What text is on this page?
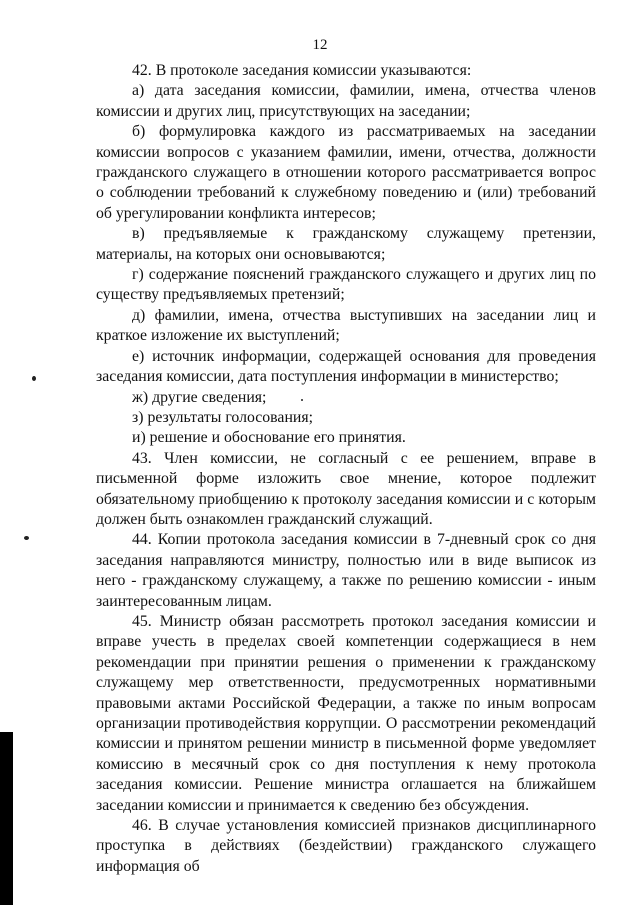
12

42. В протоколе заседания комиссии указываются:

а) дата заседания комиссии, фамилии, имена, отчества членов комиссии и других лиц, присутствующих на заседании;

б) формулировка каждого из рассматриваемых на заседании комиссии вопросов с указанием фамилии, имени, отчества, должности гражданского служащего в отношении которого рассматривается вопрос о соблюдении требований к служебному поведению и (или) требований об урегулировании конфликта интересов;

в) предъявляемые к гражданскому служащему претензии, материалы, на которых они основываются;

г) содержание пояснений гражданского служащего и других лиц по существу предъявляемых претензий;

д) фамилии, имена, отчества выступивших на заседании лиц и краткое изложение их выступлений;

е) источник информации, содержащей основания для проведения заседания комиссии, дата поступления информации в министерство;

ж) другие сведения;

з) результаты голосования;

и) решение и обоснование его принятия.

43. Член комиссии, не согласный с ее решением, вправе в письменной форме изложить свое мнение, которое подлежит обязательному приобщению к протоколу заседания комиссии и с которым должен быть ознакомлен гражданский служащий.

44. Копии протокола заседания комиссии в 7-дневный срок со дня заседания направляются министру, полностью или в виде выписок из него - гражданскому служащему, а также по решению комиссии - иным заинтересованным лицам.

45. Министр обязан рассмотреть протокол заседания комиссии и вправе учесть в пределах своей компетенции содержащиеся в нем рекомендации при принятии решения о применении к гражданскому служащему мер ответственности, предусмотренных нормативными правовыми актами Российской Федерации, а также по иным вопросам организации противодействия коррупции. О рассмотрении рекомендаций комиссии и принятом решении министр в письменной форме уведомляет комиссию в месячный срок со дня поступления к нему протокола заседания комиссии. Решение министра оглашается на ближайшем заседании комиссии и принимается к сведению без обсуждения.

46. В случае установления комиссией признаков дисциплинарного проступка в действиях (бездействии) гражданского служащего информация об
